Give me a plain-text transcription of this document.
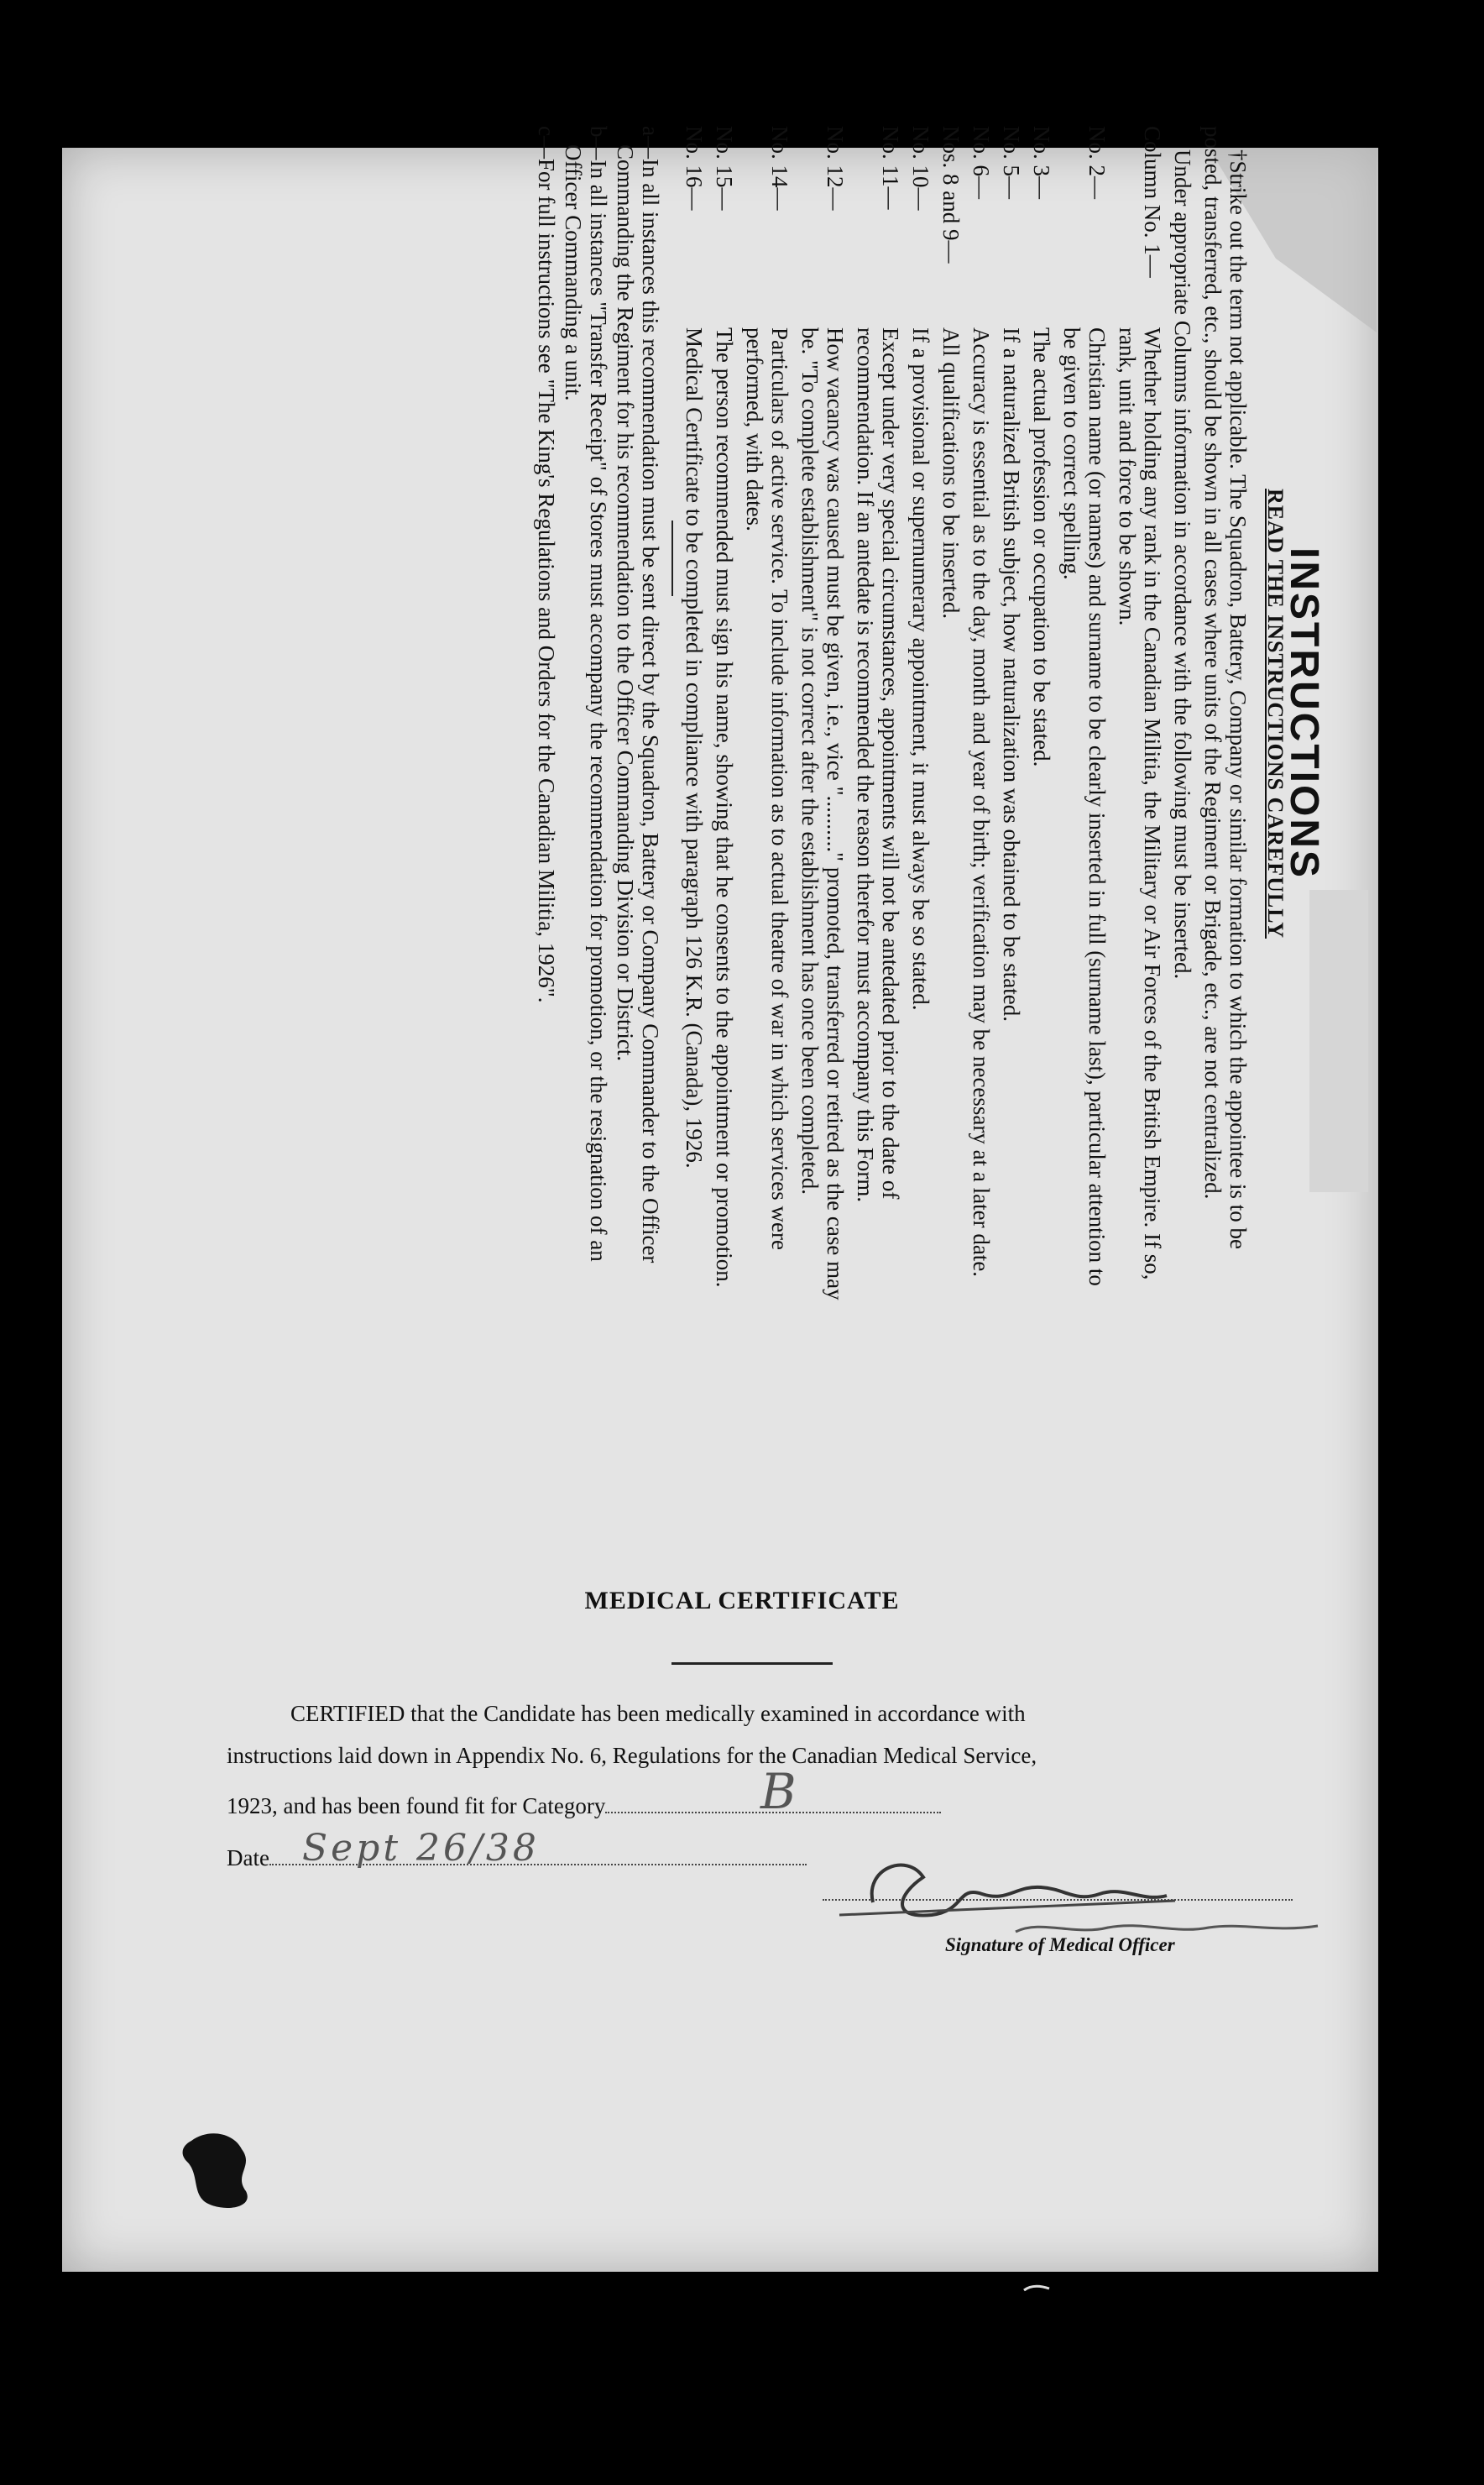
INSTRUCTIONS
READ THE INSTRUCTIONS CAREFULLY

†Strike out the term not applicable. The Squadron, Battery, Company or similar formation to which the appointee is to be posted, transferred, etc., should be shown in all cases where units of the Regiment or Brigade, etc., are not centralized.

Under appropriate Columns information in accordance with the following must be inserted.

Column No. 1—
Whether holding any rank in the Canadian Militia, the Military or Air Forces of the British Empire. If so, rank, unit and force to be shown.
No. 2—
Christian name (or names) and surname to be clearly inserted in full (surname last), particular attention to be given to correct spelling.
No. 3—
The actual profession or occupation to be stated.
No. 5—
If a naturalized British subject, how naturalization was obtained to be stated.
No. 6—
Accuracy is essential as to the day, month and year of birth; verification may be necessary at a later date.
Nos. 8 and 9—
All qualifications to be inserted.
No. 10—
If a provisional or supernumerary appointment, it must always be so stated.
No. 11—
Except under very special circumstances, appointments will not be antedated prior to the date of recommendation. If an antedate is recommended the reason therefor must accompany this Form.
No. 12—
How vacancy was caused must be given, i.e., vice ".........." promoted, transferred or retired as the case may be. "To complete establishment" is not correct after the establishment has once been completed.
No. 14—
Particulars of active service. To include information as to actual theatre of war in which services were performed, with dates.
No. 15—
The person recommended must sign his name, showing that he consents to the appointment or promotion.
No. 16—
Medical Certificate to be completed in compliance with paragraph 126 K.R. (Canada), 1926.
a—In all instances this recommendation must be sent direct by the Squadron, Battery or Company Commander to the Officer Commanding the Regiment for his recommendation to the Officer Commanding Division or District.
b—In all instances "Transfer Receipt" of Stores must accompany the recommendation for promotion, or the resignation of an Officer Commanding a unit.
c—For full instructions see "The King's Regulations and Orders for the Canadian Militia, 1926".
MEDICAL CERTIFICATE
CERTIFIED that the Candidate has been medically examined in accordance with
instructions laid down in Appendix No. 6, Regulations for the Canadian Medical Service,
1923, and has been found fit for Category	B
Date Sept 26/38
Signature of Medical Officer
